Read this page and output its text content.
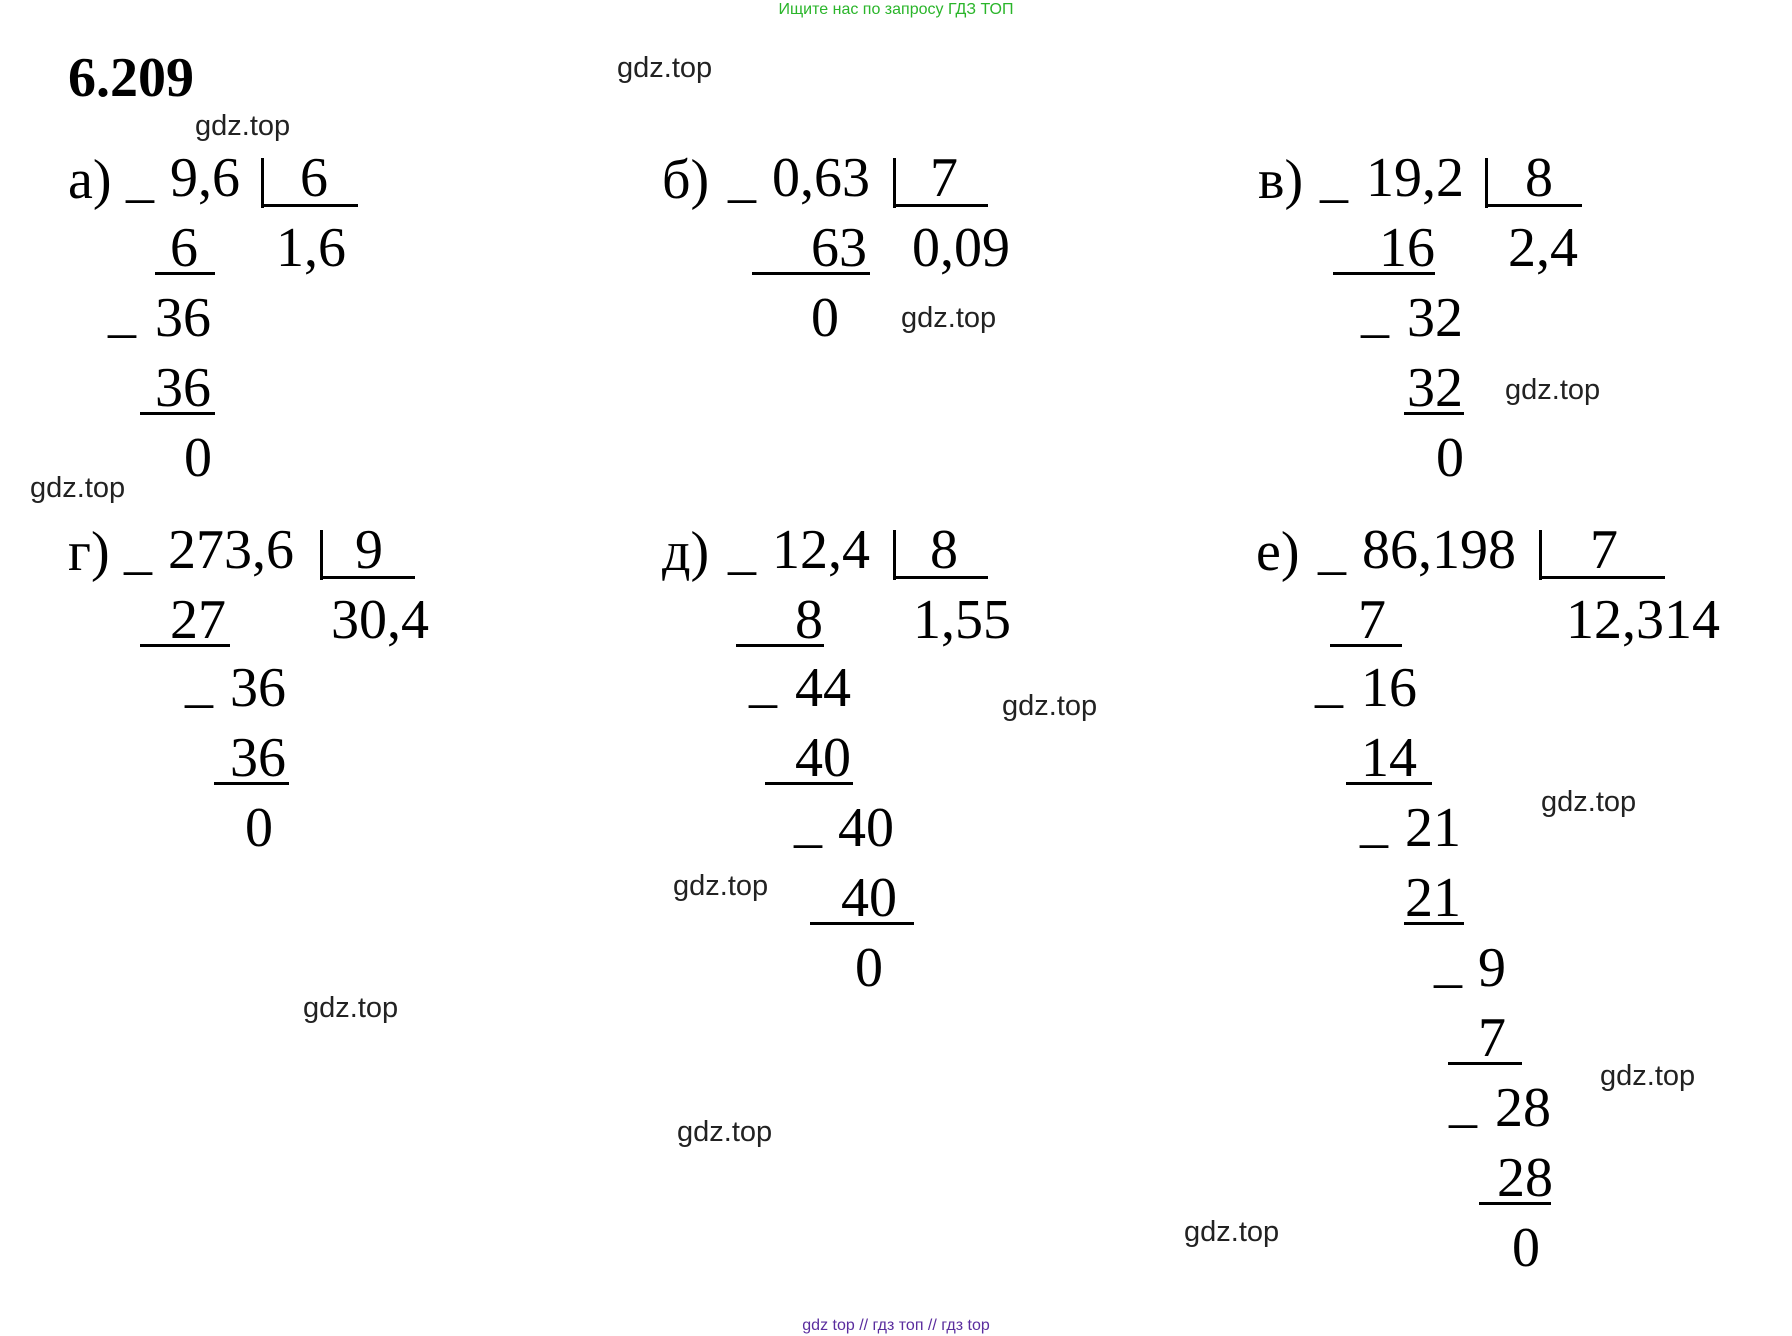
Ищите нас по запросу ГДЗ ТОП
6.209	gdz.top
gdz.top
gdz.top
gdz.top
gdz.top
gdz.top
gdz.top
gdz.top
gdz.top
gdz.top
gdz.top
gdz.top
а) _ 9,6 6
1,6
6
_ 36
36
0
б) _ 0,63 7
0,09
63
0
в) _ 19,2 8
2,4
16
_ 32
32
0
г) _ 273,6 9
30,4
27
_ 36
36
0
д) _ 12,4 8
1,55
8
_ 44
40
_ 40
40
0
е) _ 86,198 7
12,314
7
_ 16
14
_ 21
21
_ 9
7
_ 28
28
0
gdz top // гдз топ // гдз top
